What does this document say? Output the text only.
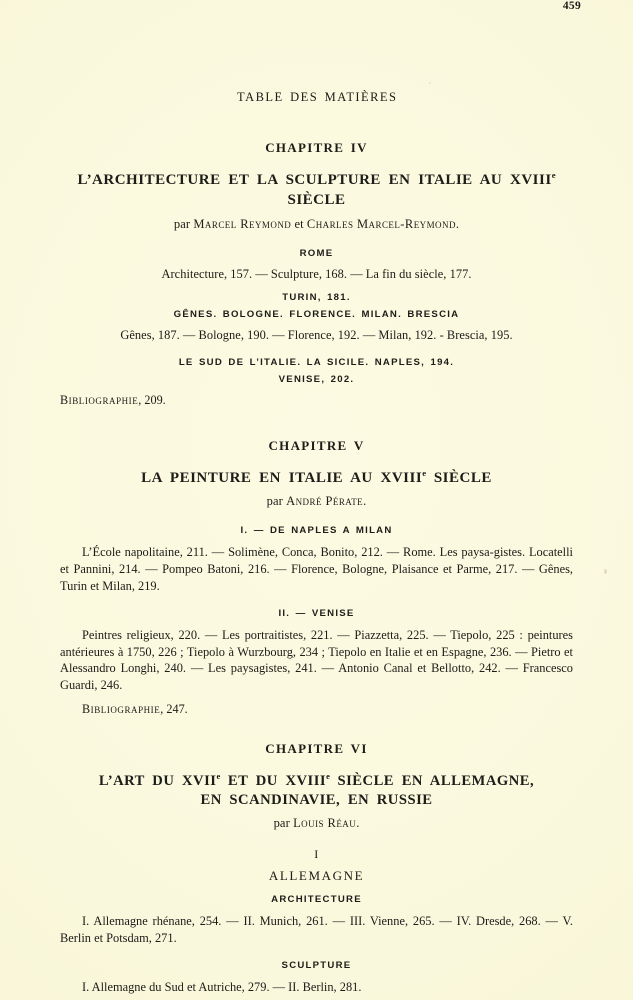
TABLE DES MATIÈRES
459
CHAPITRE IV
L’ARCHITECTURE ET LA SCULPTURE EN ITALIE AU XVIIIe SIÈCLE
par Marcel Reymond et Charles Marcel-Reymond.
ROME
Architecture, 157. — Sculpture, 168. — La fin du siècle, 177.
TURIN, 181.
GÊNES. BOLOGNE. FLORENCE. MILAN. BRESCIA
Gênes, 187. — Bologne, 190. — Florence, 192. — Milan, 192. - Brescia, 195.
LE SUD DE L’ITALIE. LA SICILE. NAPLES, 194.
VENISE, 202.
Bibliographie, 209.
CHAPITRE V
LA PEINTURE EN ITALIE AU XVIIIe SIÈCLE
par André Pérate.
I. — DE NAPLES A MILAN

L’École napolitaine, 211. — Solimène, Conca, Bonito, 212. — Rome. Les paysa-gistes. Locatelli et Pannini, 214. — Pompeo Batoni, 216. — Florence, Bologne, Plaisance et Parme, 217. — Gênes, Turin et Milan, 219.

II. — VENISE

Peintres religieux, 220. — Les portraitistes, 221. — Piazzetta, 225. — Tiepolo, 225 : peintures antérieures à 1750, 226 ; Tiepolo à Wurzbourg, 234 ; Tiepolo en Italie et en Espagne, 236. — Pietro et Alessandro Longhi, 240. — Les paysagistes, 241. — Antonio Canal et Bellotto, 242. — Francesco Guardi, 246.

Bibliographie, 247.
CHAPITRE VI
L’ART DU XVIIe ET DU XVIIIe SIÈCLE EN ALLEMAGNE,
EN SCANDINAVIE, EN RUSSIE
par Louis Réau.
I
ALLEMAGNE
ARCHITECTURE

I. Allemagne rhénane, 254. — II. Munich, 261. — III. Vienne, 265. — IV. Dresde, 268. — V. Berlin et Potsdam, 271.

SCULPTURE

I. Allemagne du Sud et Autriche, 279. — II. Berlin, 281.
